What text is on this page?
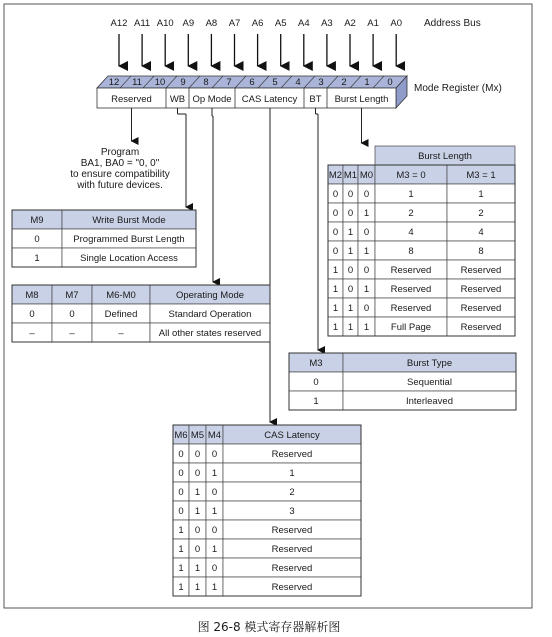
A12 A11 A10 A9 A8 A7 A6 A5 A4 A3 A2 A1 A0 Address Bus
12 11 10 9 8 7 6 5 4 3 2 1 0
Reserved WB Op Mode CAS Latency BT Burst Length
Mode Register (Mx)
Program
BA1, BA0 = "0, 0"
to ensure compatibility
with future devices.
M9	Write Burst Mode
0	Programmed Burst Length
1	Single Location Access
M8	M7	M6-M0	Operating Mode
0	0	Defined	Standard Operation
–	–	–	All other states reserved
Burst Length
M2 M1 M0 M3 = 0	M3 = 1
0 0 0	1	1
0 0 1	2	2
0 1 0	4	4
0 1 1	8	8
1 0 0 Reserved	Reserved
1 0 1 Reserved	Reserved
1 1 0 Reserved	Reserved
1 1 1 Full Page	Reserved
M3	Burst Type
0	Sequential
1	Interleaved
M6 M5 M4	CAS Latency
0 0 0	Reserved
0 0 1	1
0 1 0	2
0 1 1	3
1 0 0	Reserved
1 0 1	Reserved
1 1 0	Reserved
1 1 1	Reserved
图 26-8 模式寄存器解析图
